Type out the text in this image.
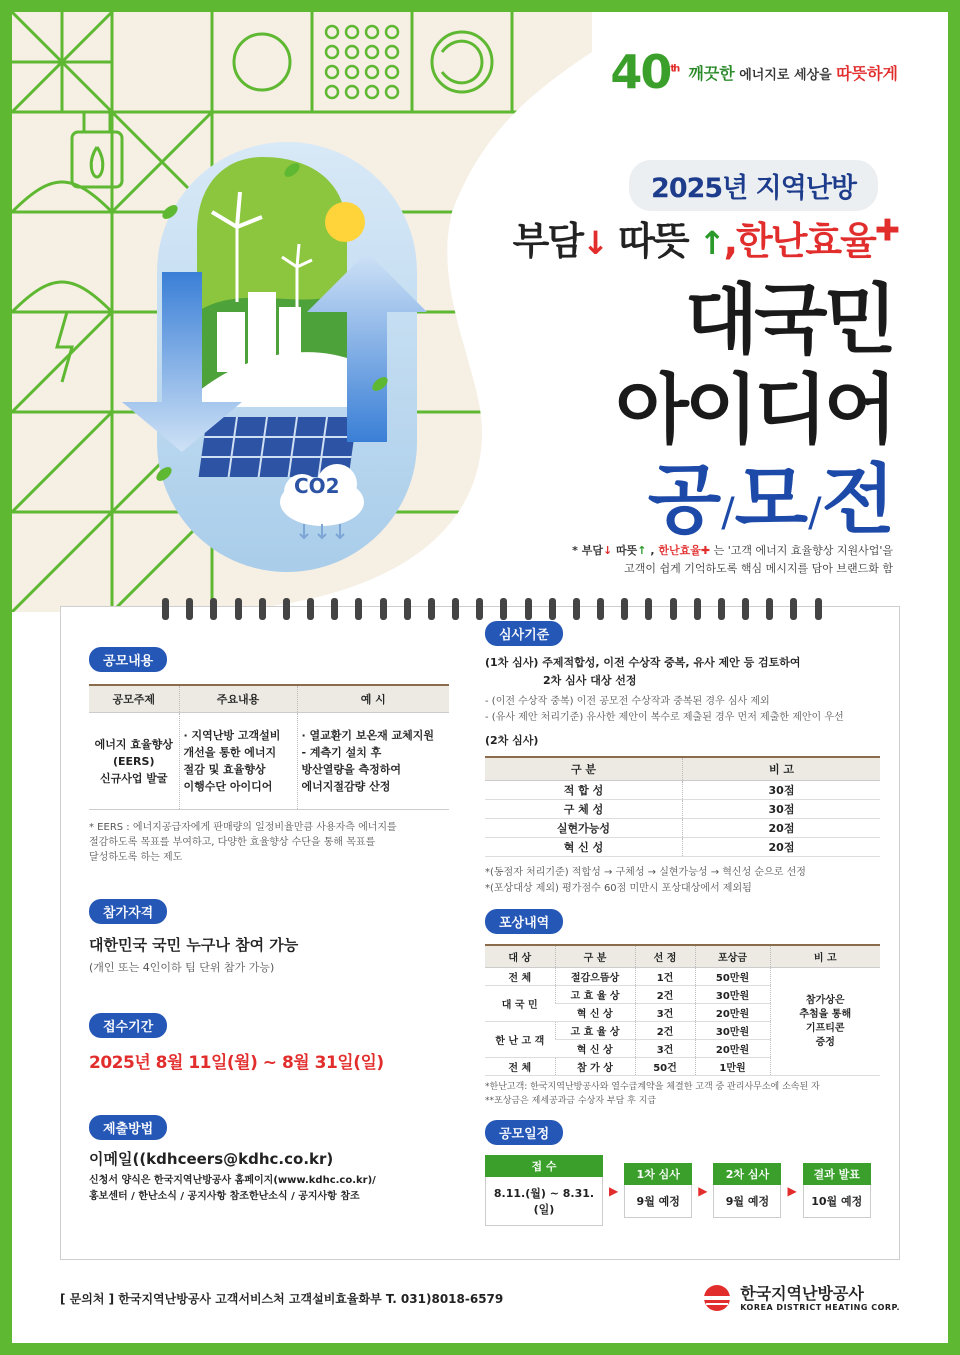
CO2
40th 깨끗한 에너지로 세상을 따뜻하게
2025년 지역난방
부담↓ 따뜻 ↑,한난효율✚
대국민
아이디어
공/모/전
* 부담↓ 따뜻↑ , 한난효율✚ 는 '고객 에너지 효율향상 지원사업'을
고객이 쉽게 기억하도록 핵심 메시지를 담아 브랜드화 함
공모내용
공모주제	주요내용	예 시
에너지 효율향상
(EERS)
신규사업 발굴	· 지역난방 고객설비
개선을 통한 에너지
절감 및 효율향상
이행수단 아이디어	· 열교환기 보온재 교체지원
- 계측기 설치 후
방산열량을 측정하여
에너지절감량 산정
* EERS : 에너지공급자에게 판매량의 일정비율만큼 사용자측 에너지를
절감하도록 목표를 부여하고, 다양한 효율향상 수단을 통해 목표를
달성하도록 하는 제도
참가자격
대한민국 국민 누구나 참여 가능
(개인 또는 4인이하 팀 단위 참가 가능)
접수기간
2025년 8월 11일(월) ~ 8월 31일(일)
제출방법
이메일((kdhceers@kdhc.co.kr)
신청서 양식은 한국지역난방공사 홈페이지(www.kdhc.co.kr)/
홍보센터 / 한난소식 / 공지사항 참조한난소식 / 공지사항 참조
심사기준
(1차 심사) 주제적합성, 이전 수상작 중복, 유사 제안 등 검토하여
2차 심사 대상 선정
- (이전 수상작 중복) 이전 공모전 수상작과 중복된 경우 심사 제외
- (유사 제안 처리기준) 유사한 제안이 복수로 제출된 경우 먼저 제출한 제안이 우선
(2차 심사)
구 분	비 고
적 합 성	30점
구 체 성	30점
실현가능성	20점
혁 신 성	20점
*(동점자 처리기준) 적합성 → 구체성 → 실현가능성 → 혁신성 순으로 선정
*(포상대상 제외) 평가점수 60점 미만시 포상대상에서 제외됨
포상내역
대 상	구 분	선 정	포상금	비 고
전 체	절감으뜸상	1건	50만원	참가상은
추첨을 통해
기프티콘
증정
대 국 민	고 효 율 상	2건	30만원	
	혁 신 상	3건	20만원	
한 난 고 객	고 효 율 상	2건	30만원	
	혁 신 상	3건	20만원	
전 체	참 가 상	50건	1만원	
*한난고객: 한국지역난방공사와 열수급계약을 체결한 고객 중 관리사무소에 소속된 자
**포상금은 제세공과금 수상자 부담 후 지급
공모일정
접 수
8.11.(월) ~ 8.31.(일)
▶
1차 심사
9월 예정
▶
2차 심사
9월 예정
▶
결과 발표
10월 예정
[ 문의처 ] 한국지역난방공사 고객서비스처 고객설비효율화부 T. 031)8018-6579	한국지역난방공사
KOREA DISTRICT HEATING CORP.
